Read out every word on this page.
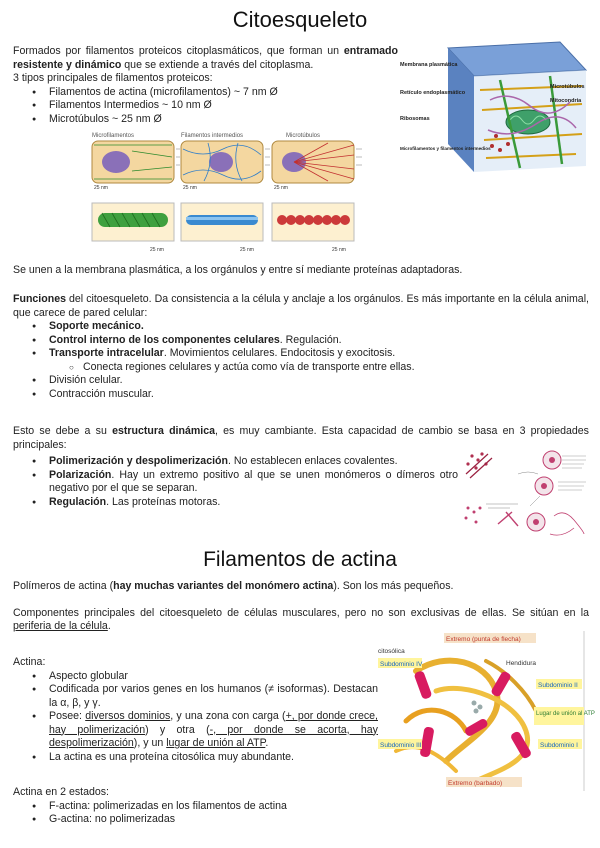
Citoesqueleto

Formados por filamentos proteicos citoplasmáticos, que forman un entramado resistente y dinámico que se extiende a través del citoplasma.

3 tipos principales de filamentos proteicos:

● Filamentos de actina (microfilamentos) ~ 7 nm Ø
● Filamentos Intermedios ~ 10 nm Ø
● Microtúbulos ~ 25 nm Ø
Membrana plasmática
Retículo endoplasmático
Microtúbulos
Mitocondria
Ribosomas
Microfilamentos y filamentos intermedios
Microfilamentos	Filamentos intermedios	Microtúbulos
25 nm	25 nm	25 nm
25 nm	25 nm	25 nm

Se unen a la membrana plasmática, a los orgánulos y entre sí mediante proteínas adaptadoras.

Funciones del citoesqueleto. Da consistencia a la célula y anclaje a los orgánulos. Es más importante en la célula animal, que carece de pared celular:

● Soporte mecánico.
● Control interno de los componentes celulares. Regulación.
● Transporte intracelular. Movimientos celulares. Endocitosis y exocitosis.
○ Conecta regiones celulares y actúa como vía de transporte entre ellas.
● División celular.
● Contracción muscular.

Esto se debe a su estructura dinámica, es muy cambiante. Esta capacidad de cambio se basa en 3 propiedades principales:

● Polimerización y despolimerización. No establecen enlaces covalentes.
● Polarización. Hay un extremo positivo al que se unen monómeros o dímeros otro negativo por el que se separan.
● Regulación. Las proteínas motoras.
Filamentos de actina

Polímeros de actina (hay muchas variantes del monómero actina). Son los más pequeños.

Componentes principales del citoesqueleto de células musculares, pero no son exclusivas de ellas. Se sitúan en la periferia de la célula.

Actina:

● Aspecto globular
● Codificada por varios genes en los humanos (≠ isoformas). Destacan la α, β, y γ.
● Posee: diversos dominios, y una zona con carga (+, por donde crece, hay polimerización) y otra (-, por donde se acorta, hay despolimerización), y un lugar de unión al ATP.
● La actina es una proteína citosólica muy abundante.

Actina en 2 estados:

● F-actina: polimerizadas en los filamentos de actina
● G-actina: no polimerizadas
Extremo (punta de flecha)
citosólica
Subdominio IV	Hendidura
Subdominio II
Lugar de unión al ATP
Subdominio III	Subdominio I
Extremo (barbado)
